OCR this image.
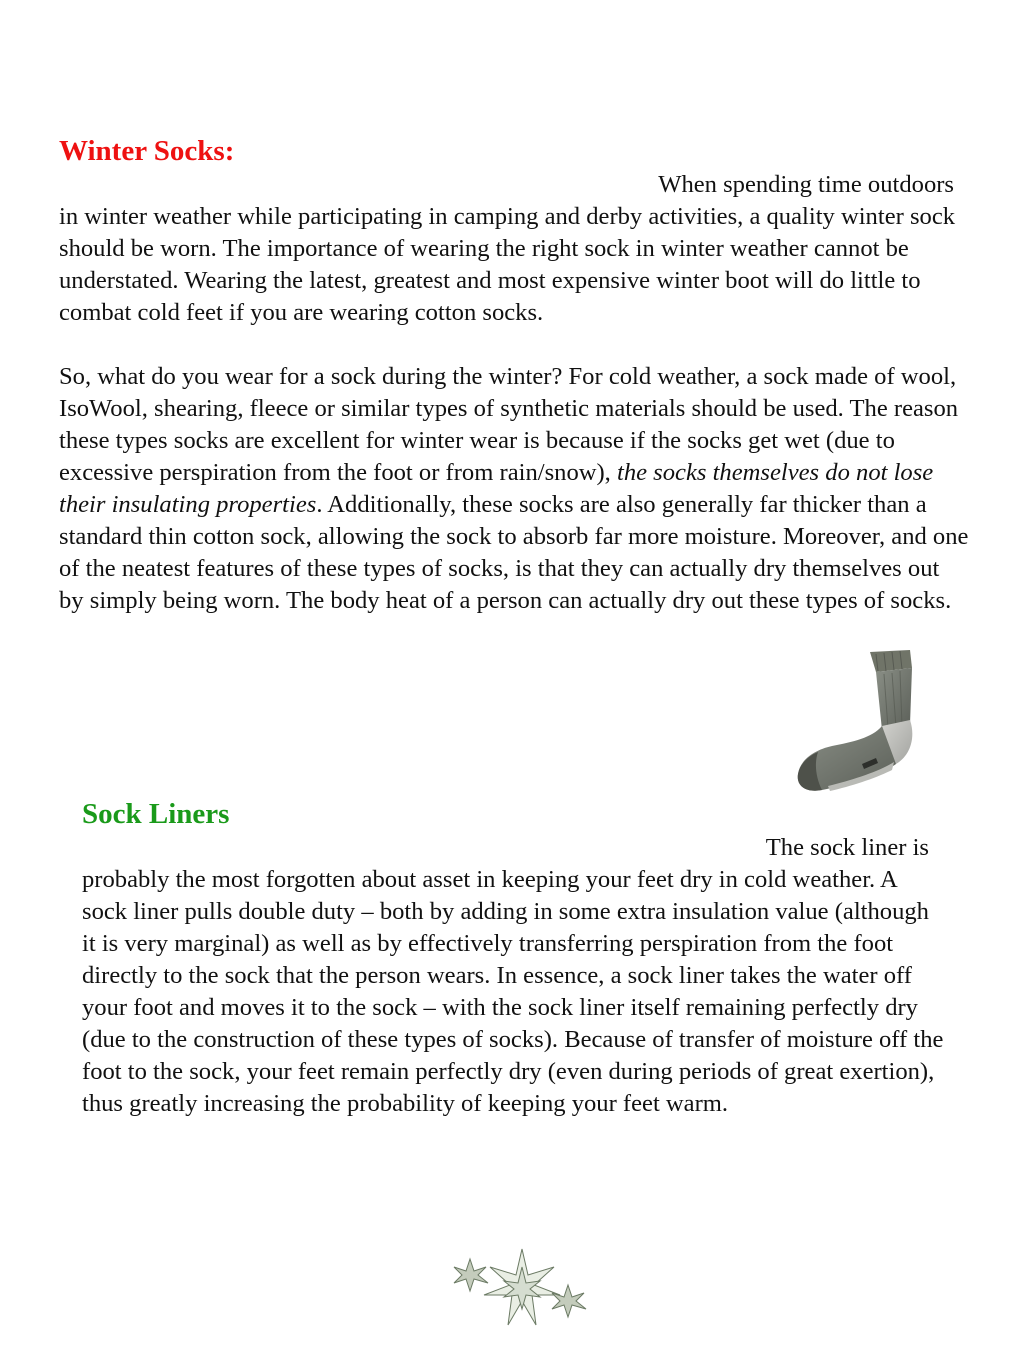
Winter Socks:

When spending time outdoors
in winter weather while participating in camping and derby activities, a quality winter sock should be worn. The importance of wearing the right sock in winter weather cannot be understated. Wearing the latest, greatest and most expensive winter boot will do little to combat cold feet if you are wearing cotton socks.

So, what do you wear for a sock during the winter? For cold weather, a sock made of wool, IsoWool, shearing, fleece or similar types of synthetic materials should be used. The reason these types socks are excellent for winter wear is because if the socks get wet (due to excessive perspiration from the foot or from rain/snow), the socks themselves do not lose their insulating properties. Additionally, these socks are also generally far thicker than a standard thin cotton sock, allowing the sock to absorb far more moisture. Moreover, and one of the neatest features of these types of socks, is that they can actually dry themselves out by simply being worn. The body heat of a person can actually dry out these types of socks.

Sock Liners

The sock liner is
probably the most forgotten about asset in keeping your feet dry in cold weather. A sock liner pulls double duty – both by adding in some extra insulation value (although it is very marginal) as well as by effectively transferring perspiration from the foot directly to the sock that the person wears. In essence, a sock liner takes the water off your foot and moves it to the sock – with the sock liner itself remaining perfectly dry (due to the construction of these types of socks). Because of transfer of moisture off the foot to the sock, your feet remain perfectly dry (even during periods of great exertion), thus greatly increasing the probability of keeping your feet warm.
